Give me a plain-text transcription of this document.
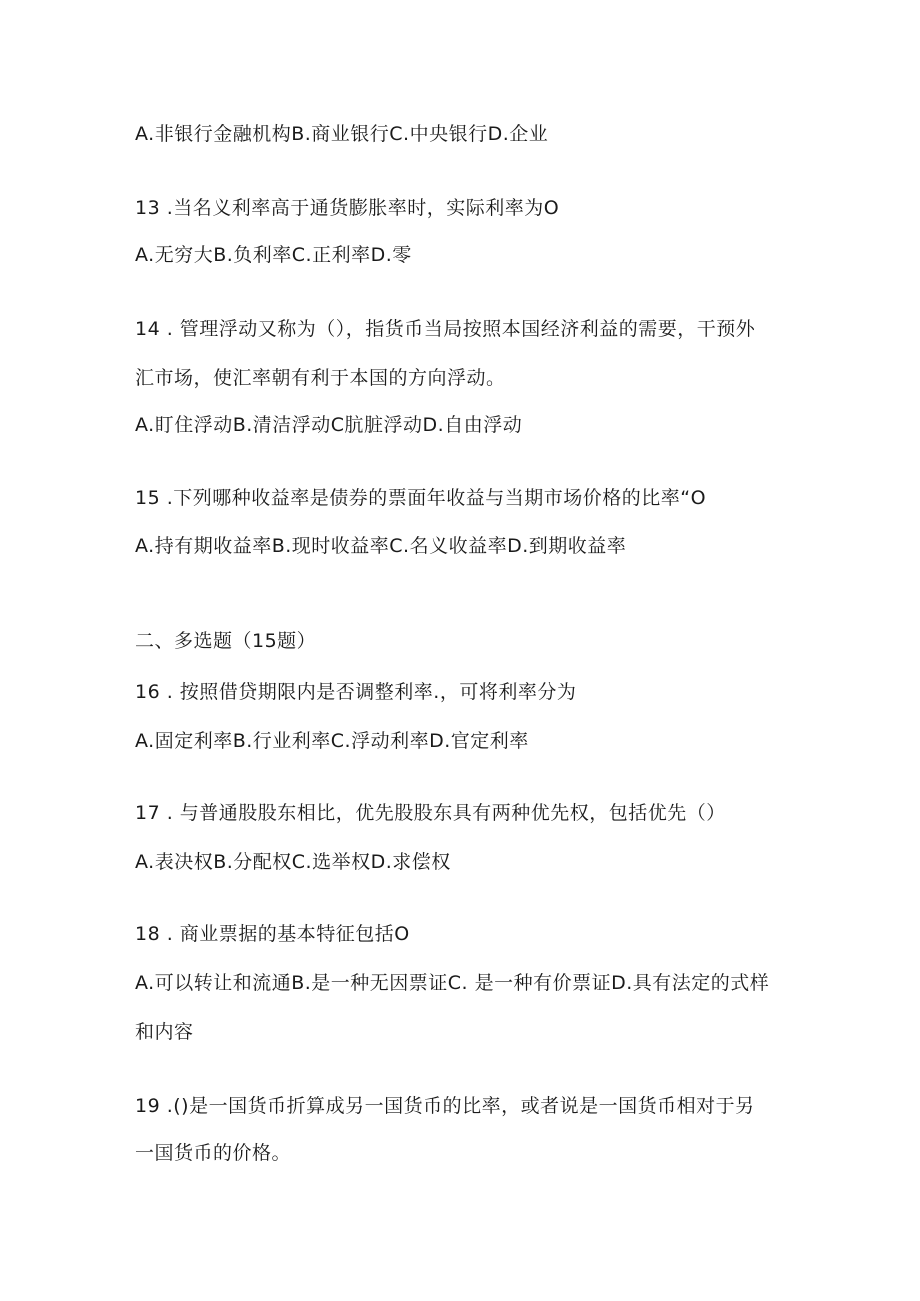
A.非银行金融机构B.商业银行C.中央银行D.企业
13 .当名义利率高于通货膨胀率时，实际利率为O
A.无穷大B.负利率C.正利率D.零
14 . 管理浮动又称为（），指货币当局按照本国经济利益的需要，干预外
汇市场，使汇率朝有利于本国的方向浮动。
A.盯住浮动B.清洁浮动C肮脏浮动D.自由浮动
15 .下列哪种收益率是债券的票面年收益与当期市场价格的比率“O
A.持有期收益率B.现时收益率C.名义收益率D.到期收益率
二、多选题（15题）
16 . 按照借贷期限内是否调整利率.，可将利率分为
A.固定利率B.行业利率C.浮动利率D.官定利率
17 . 与普通股股东相比，优先股股东具有两种优先权，包括优先（）
A.表决权B.分配权C.选举权D.求偿权
18 . 商业票据的基本特征包括O
A.可以转让和流通B.是一种无因票证C. 是一种有价票证D.具有法定的式样
和内容
19 .()是一国货币折算成另一国货币的比率，或者说是一国货币相对于另
一国货币的价格。
